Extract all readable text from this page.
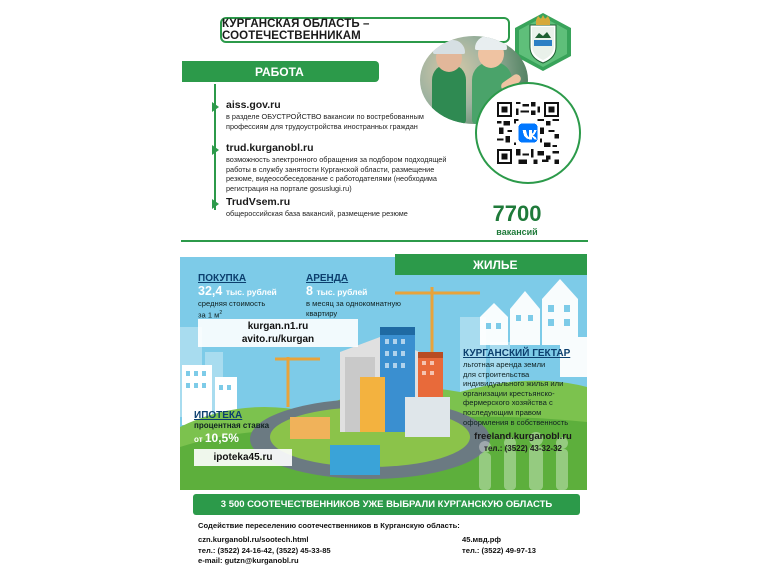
КУРГАНСКАЯ ОБЛАСТЬ – СООТЕЧЕСТВЕННИКАМ
РАБОТА
aiss.gov.ru
в разделе ОБУСТРОЙСТВО вакансии по востребованным
профессиям для трудоустройства иностранных граждан
trud.kurganobl.ru
возможность электронного обращения за подбором подходящей
работы в службу занятости Курганской области, размещение
резюме, видеособеседование с работодателями (необходима
регистрация на портале gosuslugi.ru)
TrudVsem.ru
общероссийская база вакансий, размещение резюме	7700
вакансий
ЖИЛЬЕ
ПОКУПКА
32,4 тыс. рублей
средняя стоимость
за 1 $м^2$
АРЕНДА
8 тыс. рублей
в месяц за однокомнатную
квартиру
kurgan.n1.ru
avito.ru/kurgan
ИПОТЕКА
процентная ставка
от 10,5%
ipoteka45.ru
КУРГАНСКИЙ ГЕКТАР
льготная аренда земли
для строительства
индивидуального жилья или
организации крестьянско-
фермерского хозяйства с
последующим правом
оформления в собственность
freeland.kurganobl.ru
тел.: (3522) 43-32-32
3 500 СООТЕЧЕСТВЕННИКОВ УЖЕ ВЫБРАЛИ КУРГАНСКУЮ ОБЛАСТЬ
Содействие переселению соотечественников в Курганскую область:
czn.kurganobl.ru/sootech.html
тел.: (3522) 24-16-42, (3522) 45-33-85
e-mail: gutzn@kurganobl.ru
45.мвд.рф
тел.: (3522) 49-97-13
